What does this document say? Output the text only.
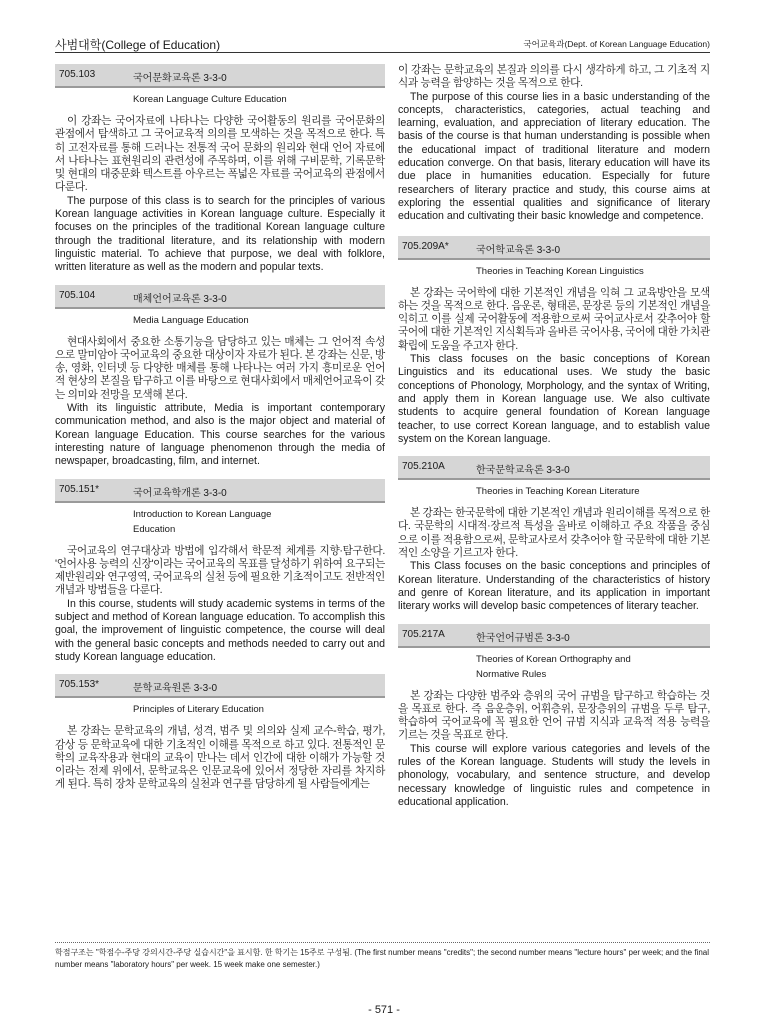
사범대학(College of Education)	국어교육과(Dept. of Korean Language Education)
705.103	국어문화교육론 3-3-0
Korean Language Culture Education

이 강좌는 국어자료에 나타나는 다양한 국어활동의 원리를 국어문화의 관점에서 탐색하고 그 국어교육적 의의를 모색하는 것을 목적으로 한다. 특히 고전자료를 통해 드러나는 전통적 국어 문화의 원리와 현대 언어 자료에서 나타나는 표현원리의 관련성에 주목하며, 이를 위해 구비문학, 기록문학 및 현대의 대중문화 텍스트를 아우르는 폭넓은 자료를 국어교육의 관점에서 다룬다.

The purpose of this class is to search for the principles of various Korean language activities in Korean language culture. Especially it focuses on the principles of the traditional Korean language culture through the traditional literature, and its relationship with modern linguistic material. To achieve that purpose, we deal with folklore, written literature as well as the modern and popular texts.

705.104	매체언어교육론 3-3-0
Media Language Education

현대사회에서 중요한 소통기능을 담당하고 있는 매체는 그 언어적 속성으로 말미암아 국어교육의 중요한 대상이자 자료가 된다. 본 강좌는 신문, 방송, 영화, 인터넷 등 다양한 매체를 통해 나타나는 여러 가지 흥미로운 언어적 현상의 본질을 탐구하고 이를 바탕으로 현대사회에서 매체언어교육이 갖는 의미와 전망을 모색해 본다.

With its linguistic attribute, Media is important contemporary communication method, and also is the major object and material of Korean language Education. This course searches for the various interesting nature of language phenomenon through the media of newspaper, broadcasting, film, and internet.

705.151*	국어교육학개론 3-3-0
Introduction to Korean Language Education

국어교육의 연구대상과 방법에 입각해서 학문적 체계를 지향·탐구한다. '언어사용 능력의 신장'이라는 국어교육의 목표를 달성하기 위하여 요구되는 제반원리와 연구영역, 국어교육의 실천 등에 필요한 기초적이고도 전반적인 개념과 방법들을 다룬다.

In this course, students will study academic systems in terms of the subject and method of Korean language education. To accomplish this goal, the improvement of linguistic competence, the course will deal with the general basic concepts and methods needed to carry out and study Korean language education.

705.153*	문학교육원론 3-3-0
Principles of Literary Education

본 강좌는 문학교육의 개념, 성격, 범주 및 의의와 실제 교수-학습, 평가, 감상 등 문학교육에 대한 기초적인 이해를 목적으로 하고 있다. 전통적인 문학의 교육작용과 현대의 교육이 만나는 데서 인간에 대한 이해가 가능할 것이라는 전제 위에서, 문학교육은 인문교육에 있어서 정당한 자리를 차지하게 된다. 특히 장차 문학교육의 실천과 연구를 담당하게 될 사람들에게는

이 강좌는 문학교육의 본질과 의의를 다시 생각하게 하고, 그 기초적 지식과 능력을 함양하는 것을 목적으로 한다.

The purpose of this course lies in a basic understanding of the concepts, characteristics, categories, actual teaching and learning, evaluation, and appreciation of literary education. The basis of the course is that human understanding is possible when the educational impact of traditional literature and modern education converge. On that basis, literary education will have its due place in humanities education. Especially for future researchers of literary practice and study, this course aims at exploring the essential qualities and significance of literary education and cultivating their basic knowledge and competence.

705.209A*	국어학교육론 3-3-0
Theories in Teaching Korean Linguistics

본 강좌는 국어학에 대한 기본적인 개념을 익혀 그 교육방안을 모색하는 것을 목적으로 한다. 음운론, 형태론, 문장론 등의 기본적인 개념을 익히고 이를 실제 국어활동에 적용함으로써 국어교사로서 갖추어야 할 국어에 대한 기본적인 지식획득과 올바른 국어사용, 국어에 대한 가치관 확립에 도움을 주고자 한다.

This class focuses on the basic conceptions of Korean Linguistics and its educational uses. We study the basic conceptions of Phonology, Morphology, and the syntax of Writing, and apply them in Korean language use. We also cultivate students to acquire general foundation of Korean language teacher, to use correct Korean language, and to establish value system on the Korean language.

705.210A	한국문학교육론 3-3-0
Theories in Teaching Korean Literature

본 강좌는 한국문학에 대한 기본적인 개념과 원리이해를 목적으로 한다. 국문학의 시대적·장르적 특성을 올바로 이해하고 주요 작품을 중심으로 이를 적용함으로써, 문학교사로서 갖추어야 할 국문학에 대한 기본적인 소양을 기르고자 한다.

This Class focuses on the basic conceptions and principles of Korean literature. Understanding of the characteristics of history and genre of Korean literature, and its application in important literary works will develop basic competences of literary teacher.

705.217A	한국언어규범론 3-3-0
Theories of Korean Orthography and Normative Rules

본 강좌는 다양한 범주와 층위의 국어 규범을 탐구하고 학습하는 것을 목표로 한다. 즉 음운층위, 어휘층위, 문장층위의 규범을 두루 탐구, 학습하여 국어교육에 꼭 필요한 언어 규범 지식과 교육적 적용 능력을 기르는 것을 목표로 한다.

This course will explore various categories and levels of the rules of the Korean language. Students will study the levels in phonology, vocabulary, and sentence structure, and develop necessary knowledge of linguistic rules and competence in educational application.

학점구조는 "학점수-주당 강의시간-주당 실습시간"을 표시함. 한 학기는 15주로 구성됨. (The first number means "credits"; the second number means "lecture hours" per week; and the final number means "laboratory hours" per week. 15 week make one semester.)
- 571 -
